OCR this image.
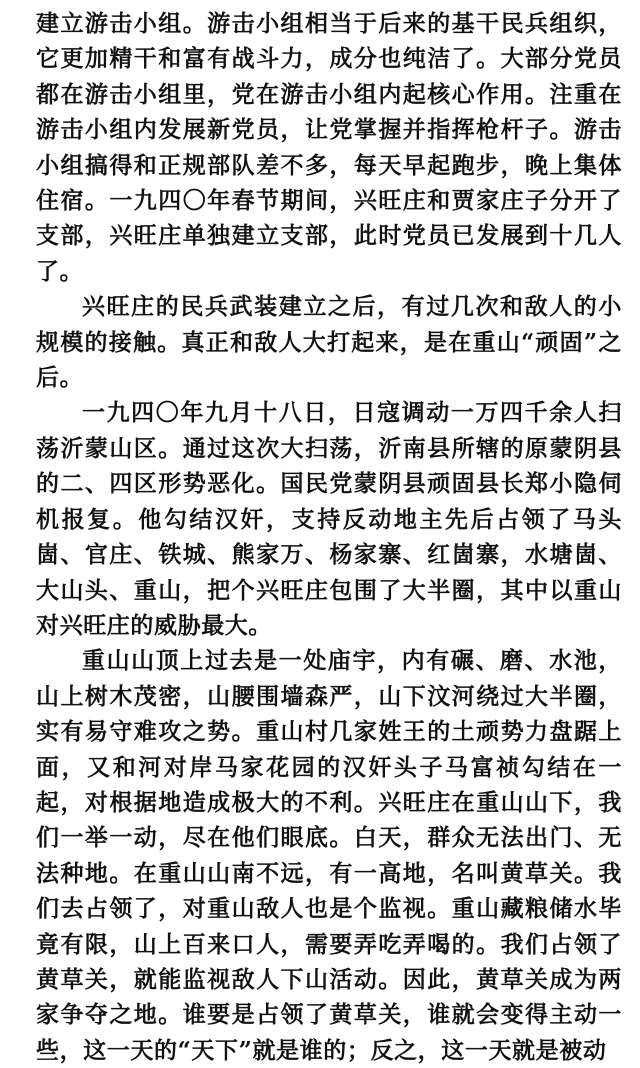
建立游击小组。游击小组相当于后来的基干民兵组织，它更加精干和富有战斗力，成分也纯洁了。大部分党员都在游击小组里，党在游击小组内起核心作用。注重在游击小组内发展新党员，让党掌握并指挥枪杆子。游击小组搞得和正规部队差不多，每天早起跑步，晚上集体住宿。一九四〇年春节期间，兴旺庄和贾家庄子分开了支部，兴旺庄单独建立支部，此时党员已发展到十几人了。

兴旺庄的民兵武装建立之后，有过几次和敌人的小规模的接触。真正和敌人大打起来，是在重山“顽固”之后。

一九四〇年九月十八日，日寇调动一万四千余人扫荡沂蒙山区。通过这次大扫荡，沂南县所辖的原蒙阴县的二、四区形势恶化。国民党蒙阴县顽固县长郑小隐伺机报复。他勾结汉奸，支持反动地主先后占领了马头崮、官庄、铁城、熊家万、杨家寨、红崮寨，水塘崮、大山头、重山，把个兴旺庄包围了大半圈，其中以重山对兴旺庄的威胁最大。

重山山顶上过去是一处庙宇，内有碾、磨、水池，山上树木茂密，山腰围墙森严，山下汶河绕过大半圈，实有易守难攻之势。重山村几家姓王的土顽势力盘踞上面，又和河对岸马家花园的汉奸头子马富祯勾结在一起，对根据地造成极大的不利。兴旺庄在重山山下，我们一举一动，尽在他们眼底。白天，群众无法出门、无法种地。在重山山南不远，有一高地，名叫黄草关。我们去占领了，对重山敌人也是个监视。重山藏粮储水毕竟有限，山上百来口人，需要弄吃弄喝的。我们占领了黄草关，就能监视敌人下山活动。因此，黄草关成为两家争夺之地。谁要是占领了黄草关，谁就会变得主动一些，这一天的“天下”就是谁的；反之，这一天就是被动
